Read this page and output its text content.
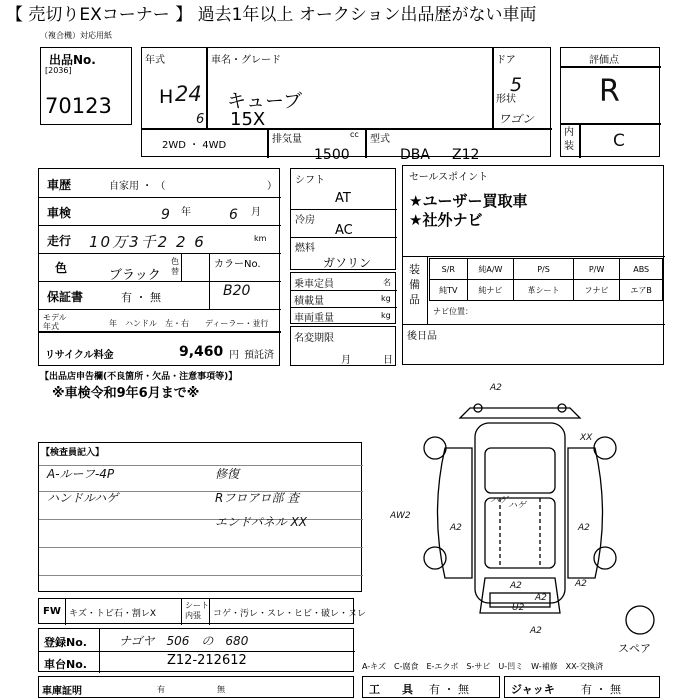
【 売切りEXコーナー 】 過去1年以上 オークション出品歴がない車両
（複合機）対応用紙
出品No.
[2036]
70123
年式
H 24
6
車名・グレード
キューブ
15X
ドア
5
形状
ワゴン
2WD ・ 4WD
排気量	cc
1500
型式
DBA Z12
評価点
R
内装 C
車歴	自家用 ・ （	）
車検	9 年	6 月
走行 10万3千2 2 6	km
色	ブラック
色替
カラーNo.
B20
保証書	有 ・ 無
モデル 年式	年 ハンドル　左・右 ディーラー・並行
リサイクル料金	9,460 円 預託済
シフト
AT
冷房
AC
燃料
ガソリン
乗車定員	名
積載量	kg
車両重量	kg
名変期限
月	日
セールスポイント
★ユーザー買取車
★社外ナビ
装備品
S/R	純A/W	P/S	P/W	ABS
純TV	純ナビ	革シート	フナビ	エアB
ナビ位置：
後日品
【出品店申告欄(不良箇所・欠品・注意事項等)】
※車検令和9年6月まで※
【検査員記入】
A-ルーフ-4P
ハンドルハゲ
修復
Rフロアロ部 査
エンドパネル XX
A2
XX
AW2
A2
ハゲ
A2
A2
A2
A2
U2
A2
ハゲ
スペア
FW キズ・トビ石・割レX
シート内張	コゲ・汚レ・スレ・ヒビ・破レ・ヌレ
登録No.	ナゴヤ　506　の　680
車台No.	Z12-212612
車庫証明	有	無
A-キズ　C-腐食　E-エクボ　S-サビ　U-凹ミ　W-補修　XX-交換済
工　　具 有 ・ 無	ジャッキ 有 ・ 無
